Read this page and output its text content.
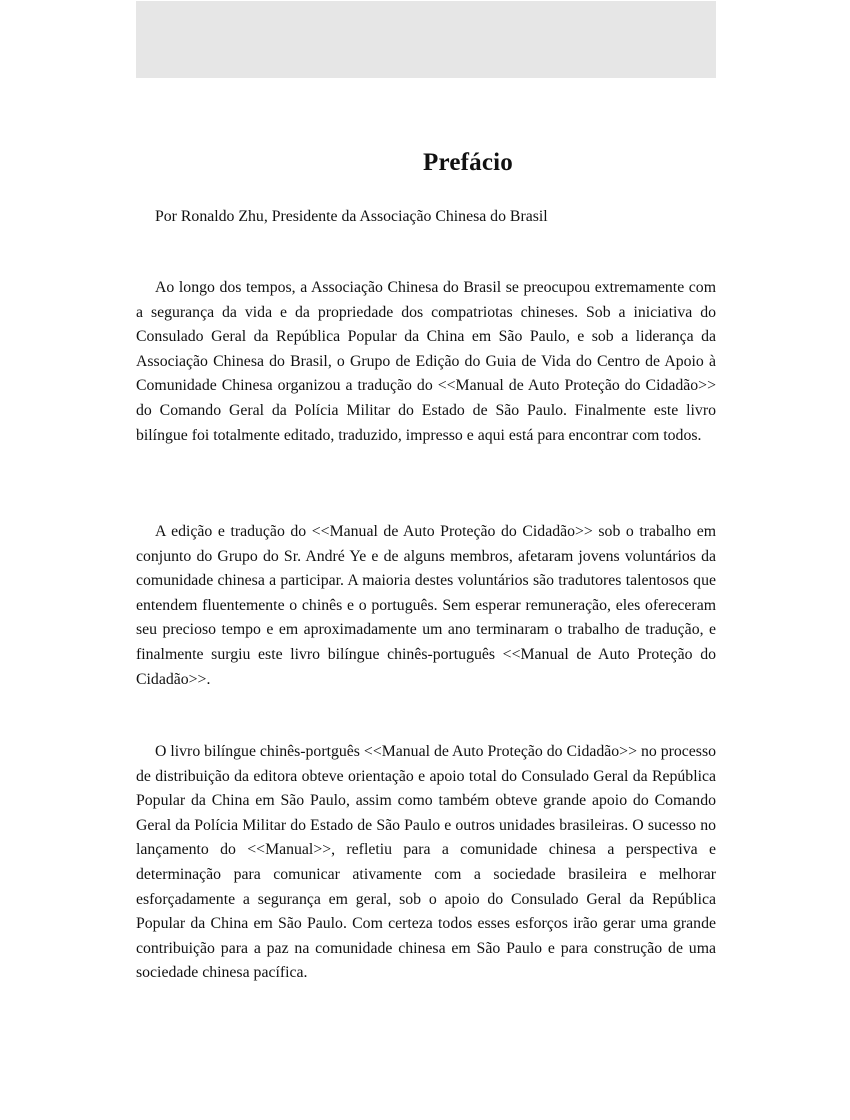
Prefácio
Por Ronaldo Zhu, Presidente da Associação Chinesa do Brasil

Ao longo dos tempos, a Associação Chinesa do Brasil se preocupou extremamente com a segurança da vida e da propriedade dos compatriotas chineses. Sob a iniciativa do Consulado Geral da República Popular da China em São Paulo, e sob a liderança da Associação Chinesa do Brasil, o Grupo de Edição do Guia de Vida do Centro de Apoio à Comunidade Chinesa organizou a tradução do <<Manual de Auto Proteção do Cidadão>> do Comando Geral da Polícia Militar do Estado de São Paulo. Finalmente este livro bilíngue foi totalmente editado, traduzido, impresso e aqui está para encontrar com todos.

A edição e tradução do <<Manual de Auto Proteção do Cidadão>> sob o trabalho em conjunto do Grupo do Sr. André Ye e de alguns membros, afetaram jovens voluntários da comunidade chinesa a participar. A maioria destes voluntários são tradutores talentosos que entendem fluentemente o chinês e o português. Sem esperar remuneração, eles ofereceram seu precioso tempo e em aproximadamente um ano terminaram o trabalho de tradução, e finalmente surgiu este livro bilíngue chinês-português <<Manual de Auto Proteção do Cidadão>>.

O livro bilíngue chinês-portguês <<Manual de Auto Proteção do Cidadão>> no processo de distribuição da editora obteve orientação e apoio total do Consulado Geral da República Popular da China em São Paulo, assim como também obteve grande apoio do Comando Geral da Polícia Militar do Estado de São Paulo e outros unidades brasileiras. O sucesso no lançamento do <<Manual>>, refletiu para a comunidade chinesa a perspectiva e determinação para comunicar ativamente com a sociedade brasileira e melhorar esforçadamente a segurança em geral, sob o apoio do Consulado Geral da República Popular da China em São Paulo. Com certeza todos esses esforços irão gerar uma grande contribuição para a paz na comunidade chinesa em São Paulo e para construção de uma sociedade chinesa pacífica.
